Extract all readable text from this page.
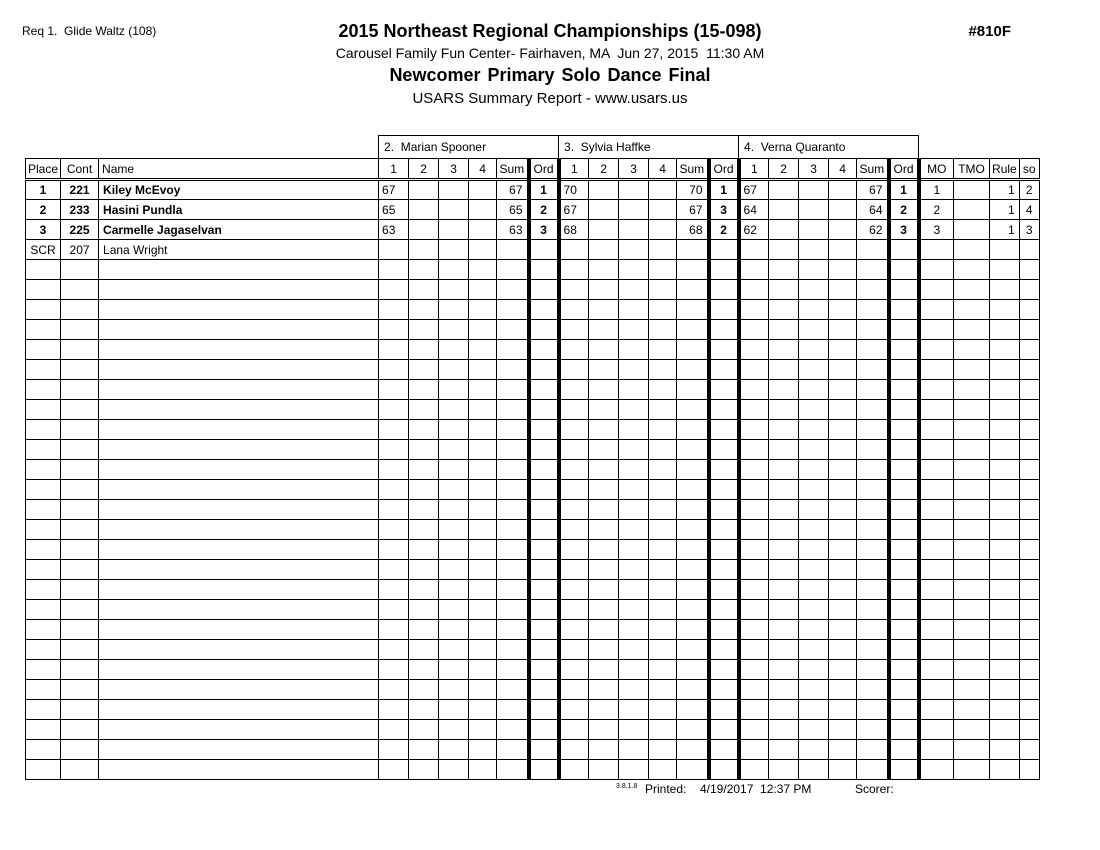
Req 1.  Glide Waltz (108)	2015 Northeast Regional Championships (15-098)
Carousel Family Fun Center- Fairhaven, MA  Jun 27, 2015  11:30 AM
Newcomer Primary Solo Dance Final
USARS Summary Report - www.usars.us
#810F
			2.  Marian Spooner						3.  Sylvia Haffke						4.  Verna Quaranto									
Place	Cont	Name	1	2	3	4	Sum	Ord	1	2	3	4	Sum	Ord	1	2	3	4	Sum	Ord	MO	TMO	Rule	so
1	221	Kiley McEvoy	67				67	1	70				70	1	67				67	1	1		1	2
2	233	Hasini Pundla	65				65	2	67				67	3	64				64	2	2		1	4
3	225	Carmelle Jagaselvan	63				63	3	68				68	2	62				62	3	3		1	3
SCR	207	Lana Wright																						

3.8.1.8 Printed: 4/19/2017  12:37 PM	Scorer:
